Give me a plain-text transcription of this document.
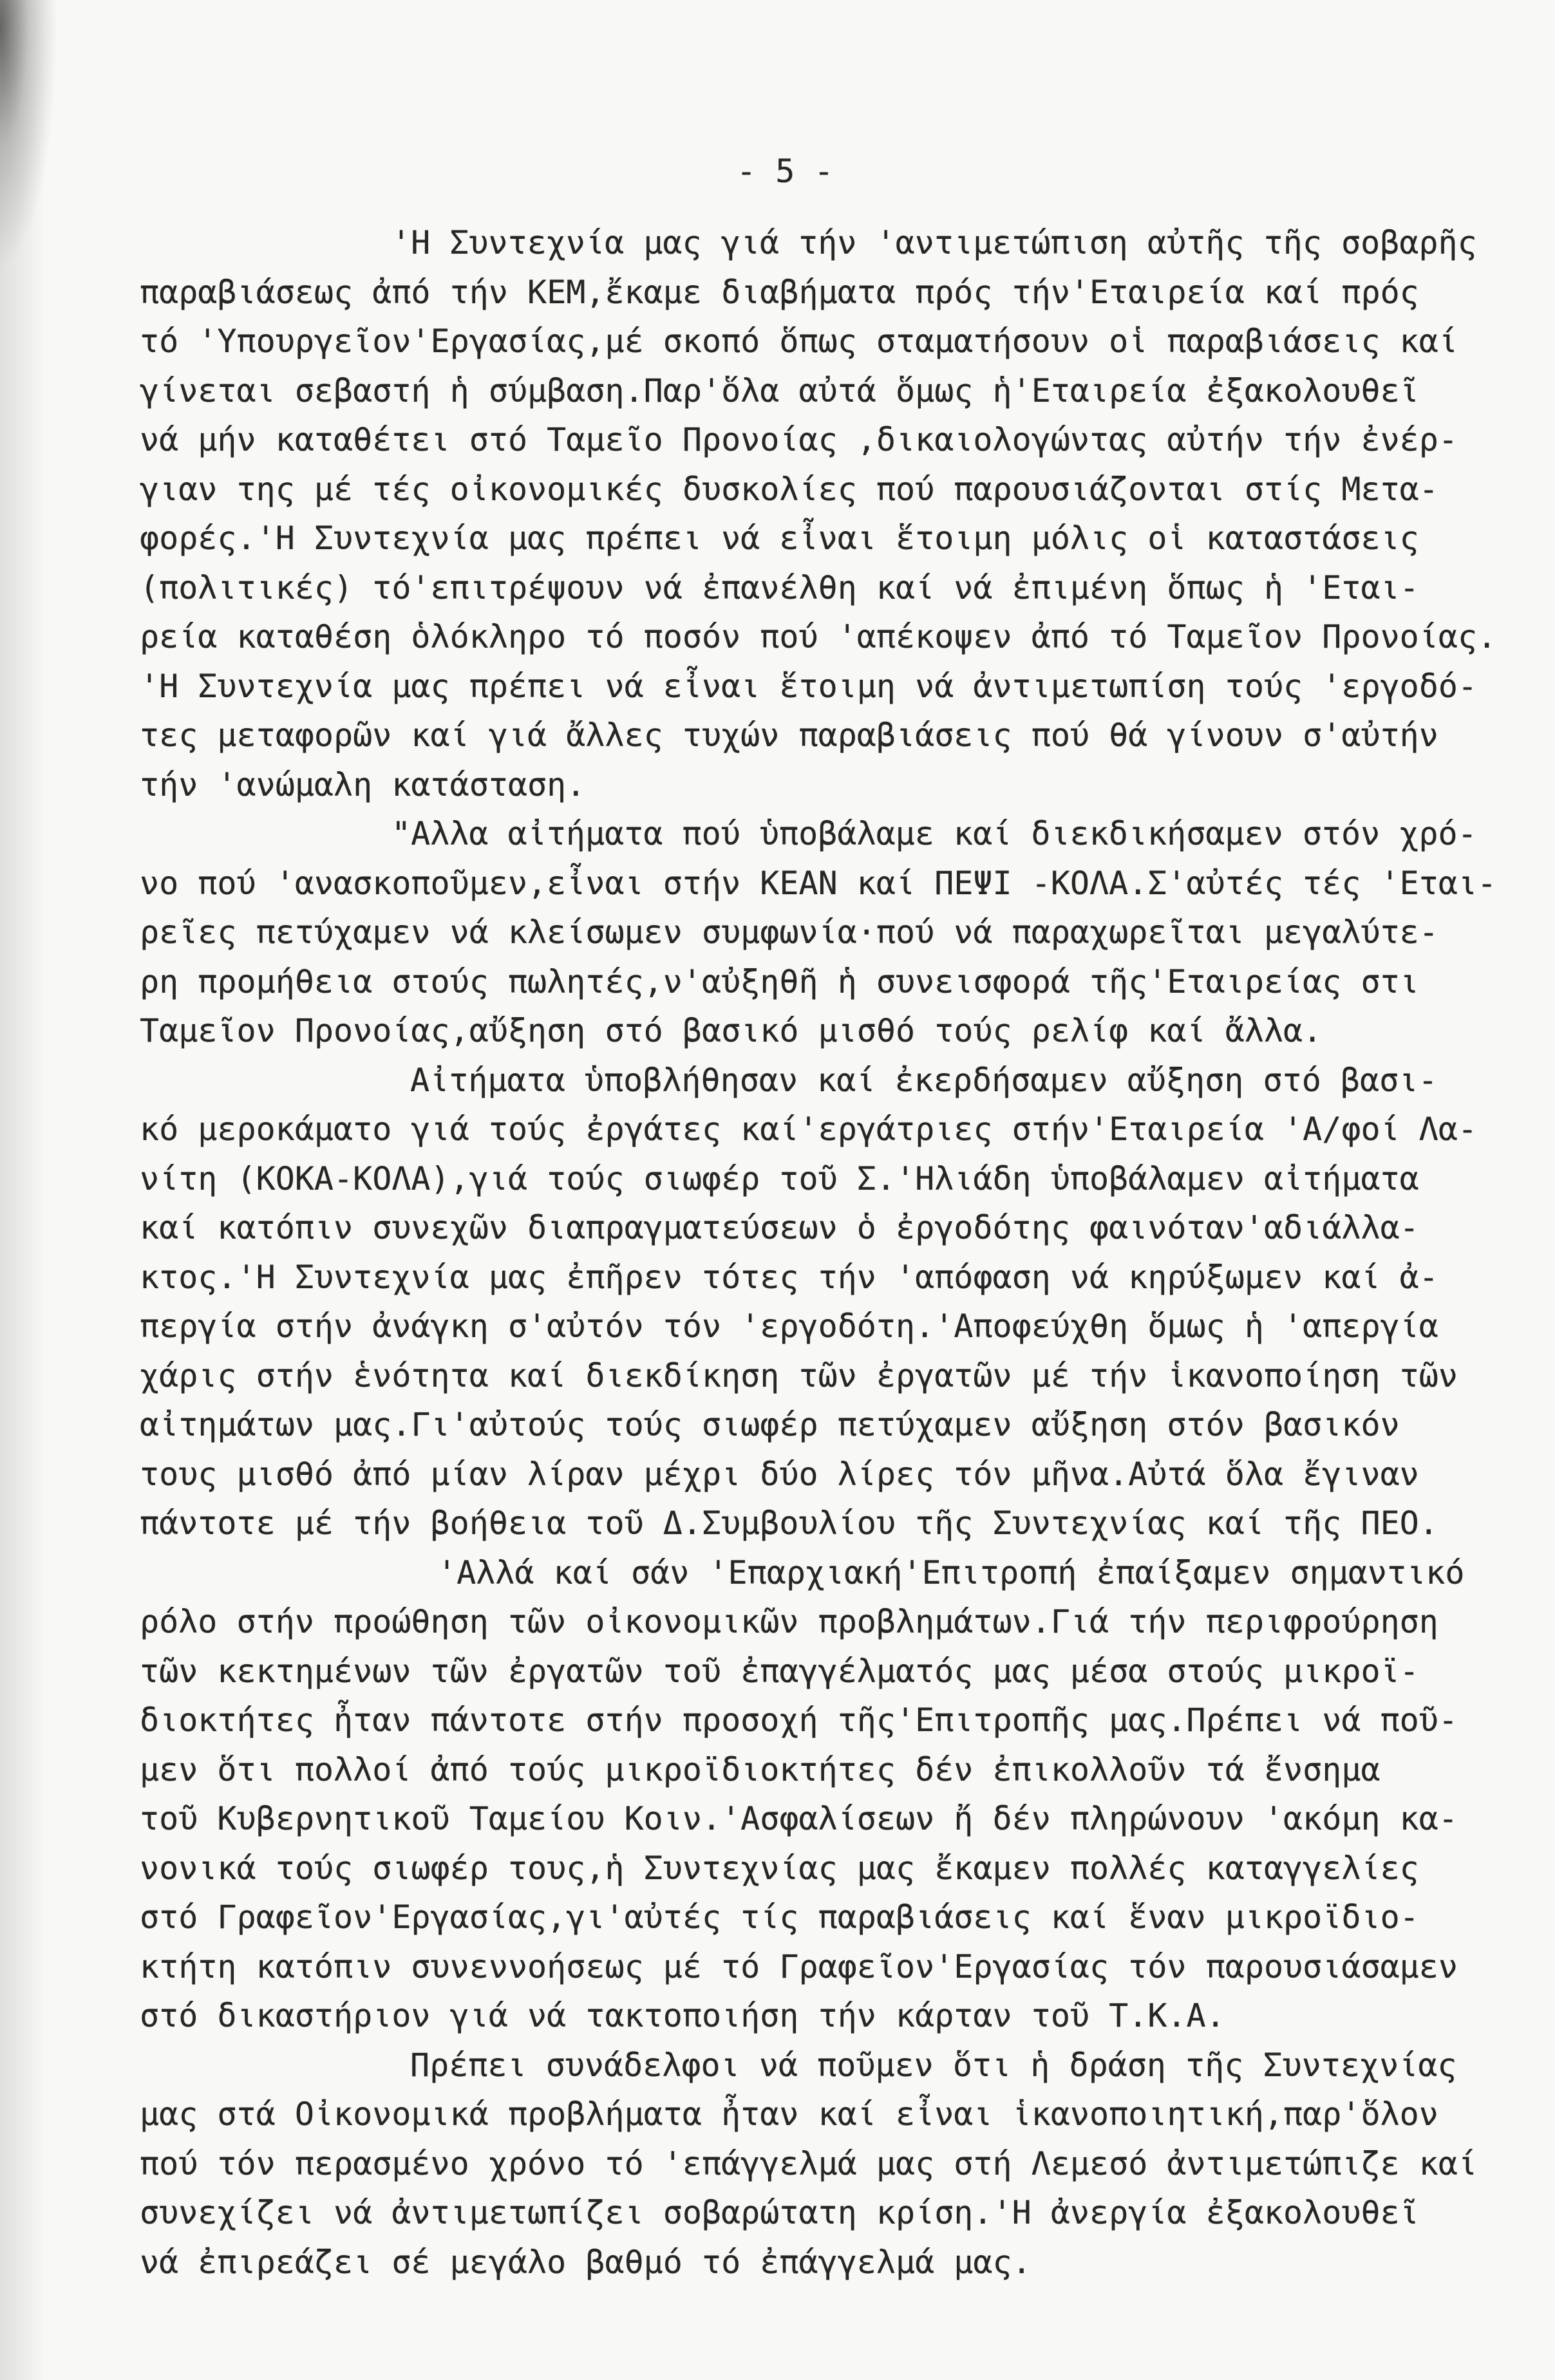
- 5 -
'Η Συντεχνία μας γιά τήν 'αντιμετώπιση αὐτῆς τῆς σοβαρῆς
παραβιάσεως ἀπό τήν ΚΕΜ,ἔκαμε διαβήματα πρός τήν'Εταιρεία καί πρός
τό 'Υπουργεῖον'Εργασίας,μέ σκοπό ὅπως σταματήσουν οἱ παραβιάσεις καί
γίνεται σεβαστή ἡ σύμβαση.Παρ'ὅλα αὐτά ὅμως ἡ'Εταιρεία ἐξακολουθεῖ
νά μήν καταθέτει στό Ταμεῖο Προνοίας ,δικαιολογώντας αὐτήν τήν ἐνέρ-
γιαν της μέ τές οἰκονομικές δυσκολίες πού παρουσιάζονται στίς Μετα-
φορές.'Η Συντεχνία μας πρέπει νά εἶναι ἕτοιμη μόλις οἱ καταστάσεις
(πολιτικές) τό'επιτρέψουν νά ἐπανέλθη καί νά ἐπιμένη ὅπως ἡ 'Εται-
ρεία καταθέση ὁλόκληρο τό ποσόν πού 'απέκοψεν ἀπό τό Ταμεῖον Προνοίας.
'Η Συντεχνία μας πρέπει νά εἶναι ἕτοιμη νά ἀντιμετωπίση τούς 'εργοδό-
τες μεταφορῶν καί γιά ἄλλες τυχών παραβιάσεις πού θά γίνουν σ'αὐτήν
τήν 'ανώμαλη κατάσταση.
"Αλλα αἰτήματα πού ὑποβάλαμε καί διεκδικήσαμεν στόν χρό-
νο πού 'ανασκοποῦμεν,εἶναι στήν ΚΕΑΝ καί ΠΕΨΙ -ΚΟΛΑ.Σ'αὐτές τές 'Εται-
ρεῖες πετύχαμεν νά κλείσωμεν συμφωνία·πού νά παραχωρεῖται μεγαλύτε-
ρη προμήθεια στούς πωλητές,ν'αὐξηθῆ ἡ συνεισφορά τῆς'Εταιρείας στι
Ταμεῖον Προνοίας,αὔξηση στό βασικό μισθό τούς ρελίφ καί ἄλλα.
Αἰτήματα ὑποβλήθησαν καί ἐκερδήσαμεν αὔξηση στό βασι-
κό μεροκάματο γιά τούς ἐργάτες καί'εργάτριες στήν'Εταιρεία 'Α/φοί Λα-
νίτη (ΚΟΚΑ-ΚΟΛΑ),γιά τούς σιωφέρ τοῦ Σ.'Ηλιάδη ὑποβάλαμεν αἰτήματα
καί κατόπιν συνεχῶν διαπραγματεύσεων ὁ ἐργοδότης φαινόταν'αδιάλλα-
κτος.'Η Συντεχνία μας ἐπῆρεν τότες τήν 'απόφαση νά κηρύξωμεν καί ἀ-
περγία στήν ἀνάγκη σ'αὐτόν τόν 'εργοδότη.'Αποφεύχθη ὅμως ἡ 'απεργία
χάρις στήν ἑνότητα καί διεκδίκηση τῶν ἐργατῶν μέ τήν ἱκανοποίηση τῶν
αἰτημάτων μας.Γι'αὐτούς τούς σιωφέρ πετύχαμεν αὔξηση στόν βασικόν
τους μισθό ἀπό μίαν λίραν μέχρι δύο λίρες τόν μῆνα.Αὐτά ὅλα ἔγιναν
πάντοτε μέ τήν βοήθεια τοῦ Δ.Συμβουλίου τῆς Συντεχνίας καί τῆς ΠΕΟ.
'Αλλά καί σάν 'Επαρχιακή'Επιτροπή ἐπαίξαμεν σημαντικό
ρόλο στήν προώθηση τῶν οἰκονομικῶν προβλημάτων.Γιά τήν περιφρούρηση
τῶν κεκτημένων τῶν ἐργατῶν τοῦ ἐπαγγέλματός μας μέσα στούς μικροϊ-
διοκτήτες ἦταν πάντοτε στήν προσοχή τῆς'Επιτροπῆς μας.Πρέπει νά ποῦ-
μεν ὅτι πολλοί ἀπό τούς μικροϊδιοκτήτες δέν ἐπικολλοῦν τά ἔνσημα
τοῦ Κυβερνητικοῦ Ταμείου Κοιν.'Ασφαλίσεων ἤ δέν πληρώνουν 'ακόμη κα-
νονικά τούς σιωφέρ τους,ἡ Συντεχνίας μας ἔκαμεν πολλές καταγγελίες
στό Γραφεῖον'Εργασίας,γι'αὐτές τίς παραβιάσεις καί ἕναν μικροϊδιο-
κτήτη κατόπιν συνεννοήσεως μέ τό Γραφεῖον'Εργασίας τόν παρουσιάσαμεν
στό δικαστήριον γιά νά τακτοποιήση τήν κάρταν τοῦ Τ.Κ.Α.
Πρέπει συνάδελφοι νά ποῦμεν ὅτι ἡ δράση τῆς Συντεχνίας
μας στά Οἰκονομικά προβλήματα ἦταν καί εἶναι ἱκανοποιητική,παρ'ὅλον
πού τόν περασμένο χρόνο τό 'επάγγελμά μας στή Λεμεσό ἀντιμετώπιζε καί
συνεχίζει νά ἀντιμετωπίζει σοβαρώτατη κρίση.'Η ἀνεργία ἐξακολουθεῖ
νά ἐπιρεάζει σέ μεγάλο βαθμό τό ἐπάγγελμά μας.
